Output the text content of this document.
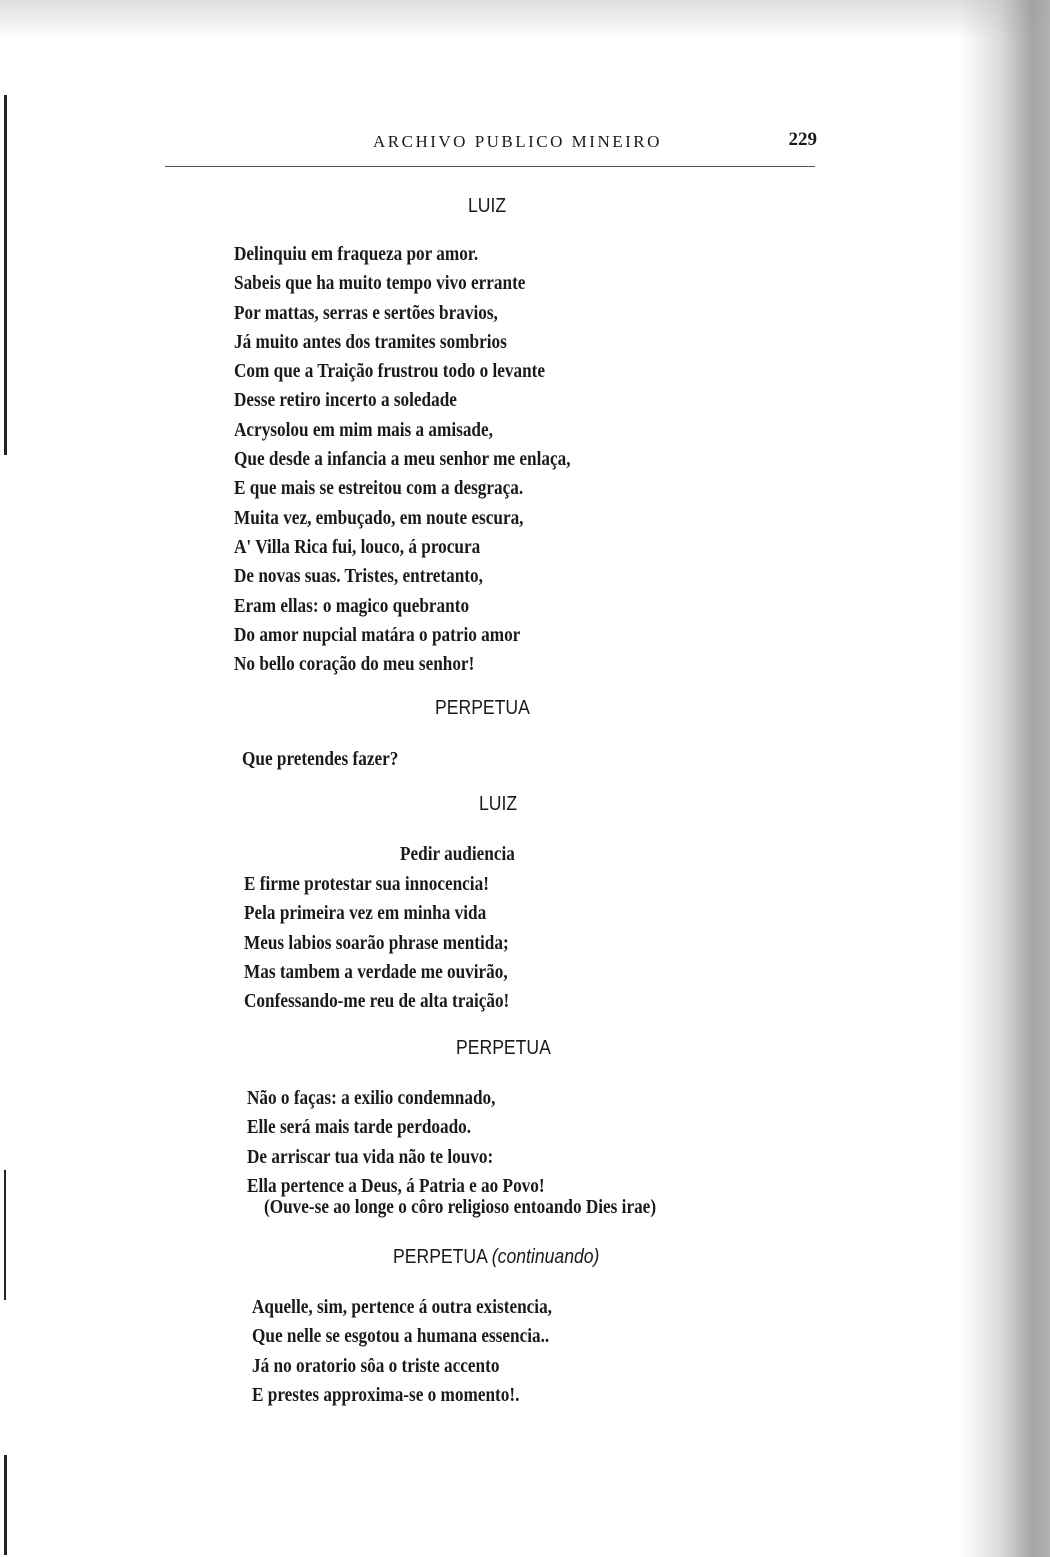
ARCHIVO PUBLICO MINEIRO	229
LUIZ
Delinquiu em fraqueza por amor.
Sabeis que ha muito tempo vivo errante
Por mattas, serras e sertões bravios,
Já muito antes dos tramites sombrios
Com que a Traição frustrou todo o levante
Desse retiro incerto a soledade
Acrysolou em mim mais a amisade,
Que desde a infancia a meu senhor me enlaça,
E que mais se estreitou com a desgraça.
Muita vez, embuçado, em noute escura,
A' Villa Rica fui, louco, á procura
De novas suas. Tristes, entretanto,
Eram ellas: o magico quebranto
Do amor nupcial matára o patrio amor
No bello coração do meu senhor!
PERPETUA
Que pretendes fazer?
LUIZ
Pedir audiencia
E firme protestar sua innocencia!
Pela primeira vez em minha vida
Meus labios soarão phrase mentida;
Mas tambem a verdade me ouvirão,
Confessando-me reu de alta traição!
PERPETUA
Não o faças: a exilio condemnado,
Elle será mais tarde perdoado.
De arriscar tua vida não te louvo:
Ella pertence a Deus, á Patria e ao Povo!
(Ouve-se ao longe o côro religioso entoando Dies irae)
PERPETUA (continuando)
Aquelle, sim, pertence á outra existencia,
Que nelle se esgotou a humana essencia..
Já no oratorio sôa o triste accento
E prestes approxima-se o momento!.
